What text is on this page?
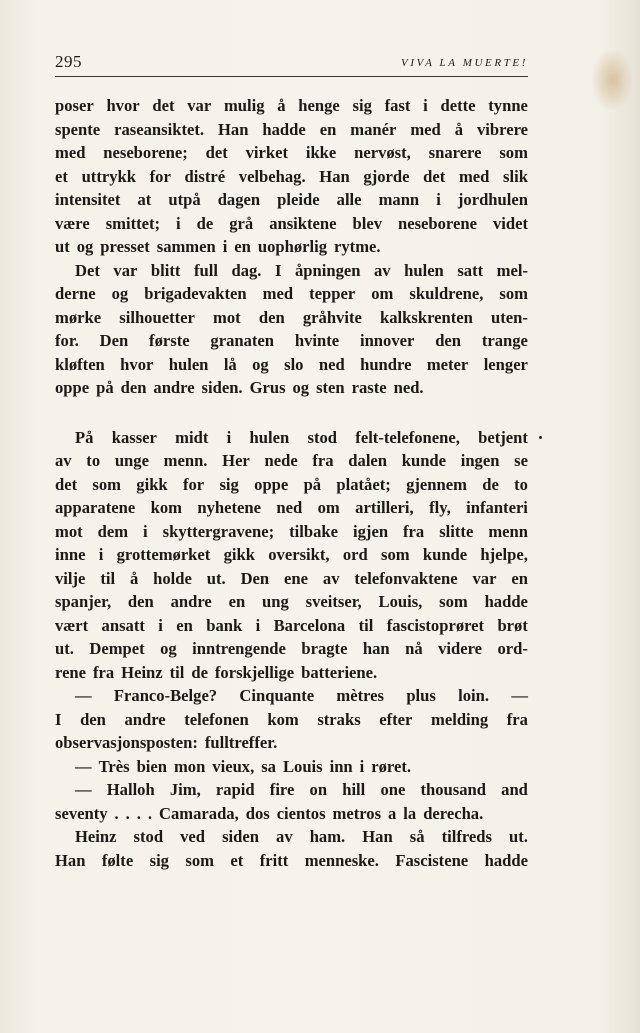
295	VIVA LA MUERTE!
poser hvor det var mulig å henge sig fast i dette tynne
spente raseansiktet. Han hadde en manér med å vibrere
med neseborene; det virket ikke nervøst, snarere som
et uttrykk for distré velbehag. Han gjorde det med slik
intensitet at utpå dagen pleide alle mann i jordhulen
være smittet; i de grå ansiktene blev neseborene videt
ut og presset sammen i en uophørlig rytme.
Det var blitt full dag. I åpningen av hulen satt mel-
derne og brigadevakten med tepper om skuldrene, som
mørke silhouetter mot den gråhvite kalkskrenten uten-
for. Den første granaten hvinte innover den trange
kløften hvor hulen lå og slo ned hundre meter lenger
oppe på den andre siden. Grus og sten raste ned.
På kasser midt i hulen stod felt-telefonene, betjent
av to unge menn. Her nede fra dalen kunde ingen se
det som gikk for sig oppe på platået; gjennem de to
apparatene kom nyhetene ned om artilleri, fly, infanteri
mot dem i skyttergravene; tilbake igjen fra slitte menn
inne i grottemørket gikk oversikt, ord som kunde hjelpe,
vilje til å holde ut. Den ene av telefonvaktene var en
spanjer, den andre en ung sveitser, Louis, som hadde
vært ansatt i en bank i Barcelona til fascistoprøret brøt
ut. Dempet og inntrengende bragte han nå videre ord-
rene fra Heinz til de forskjellige batteriene.
— Franco-Belge? Cinquante mètres plus loin. —
I den andre telefonen kom straks efter melding fra
observasjonsposten: fulltreffer.
— Très bien mon vieux, sa Louis inn i røret.
— Halloh Jim, rapid fire on hill one thousand and
seventy . . . . Camarada, dos cientos metros a la derecha.
Heinz stod ved siden av ham. Han så tilfreds ut.
Han følte sig som et fritt menneske. Fascistene hadde
